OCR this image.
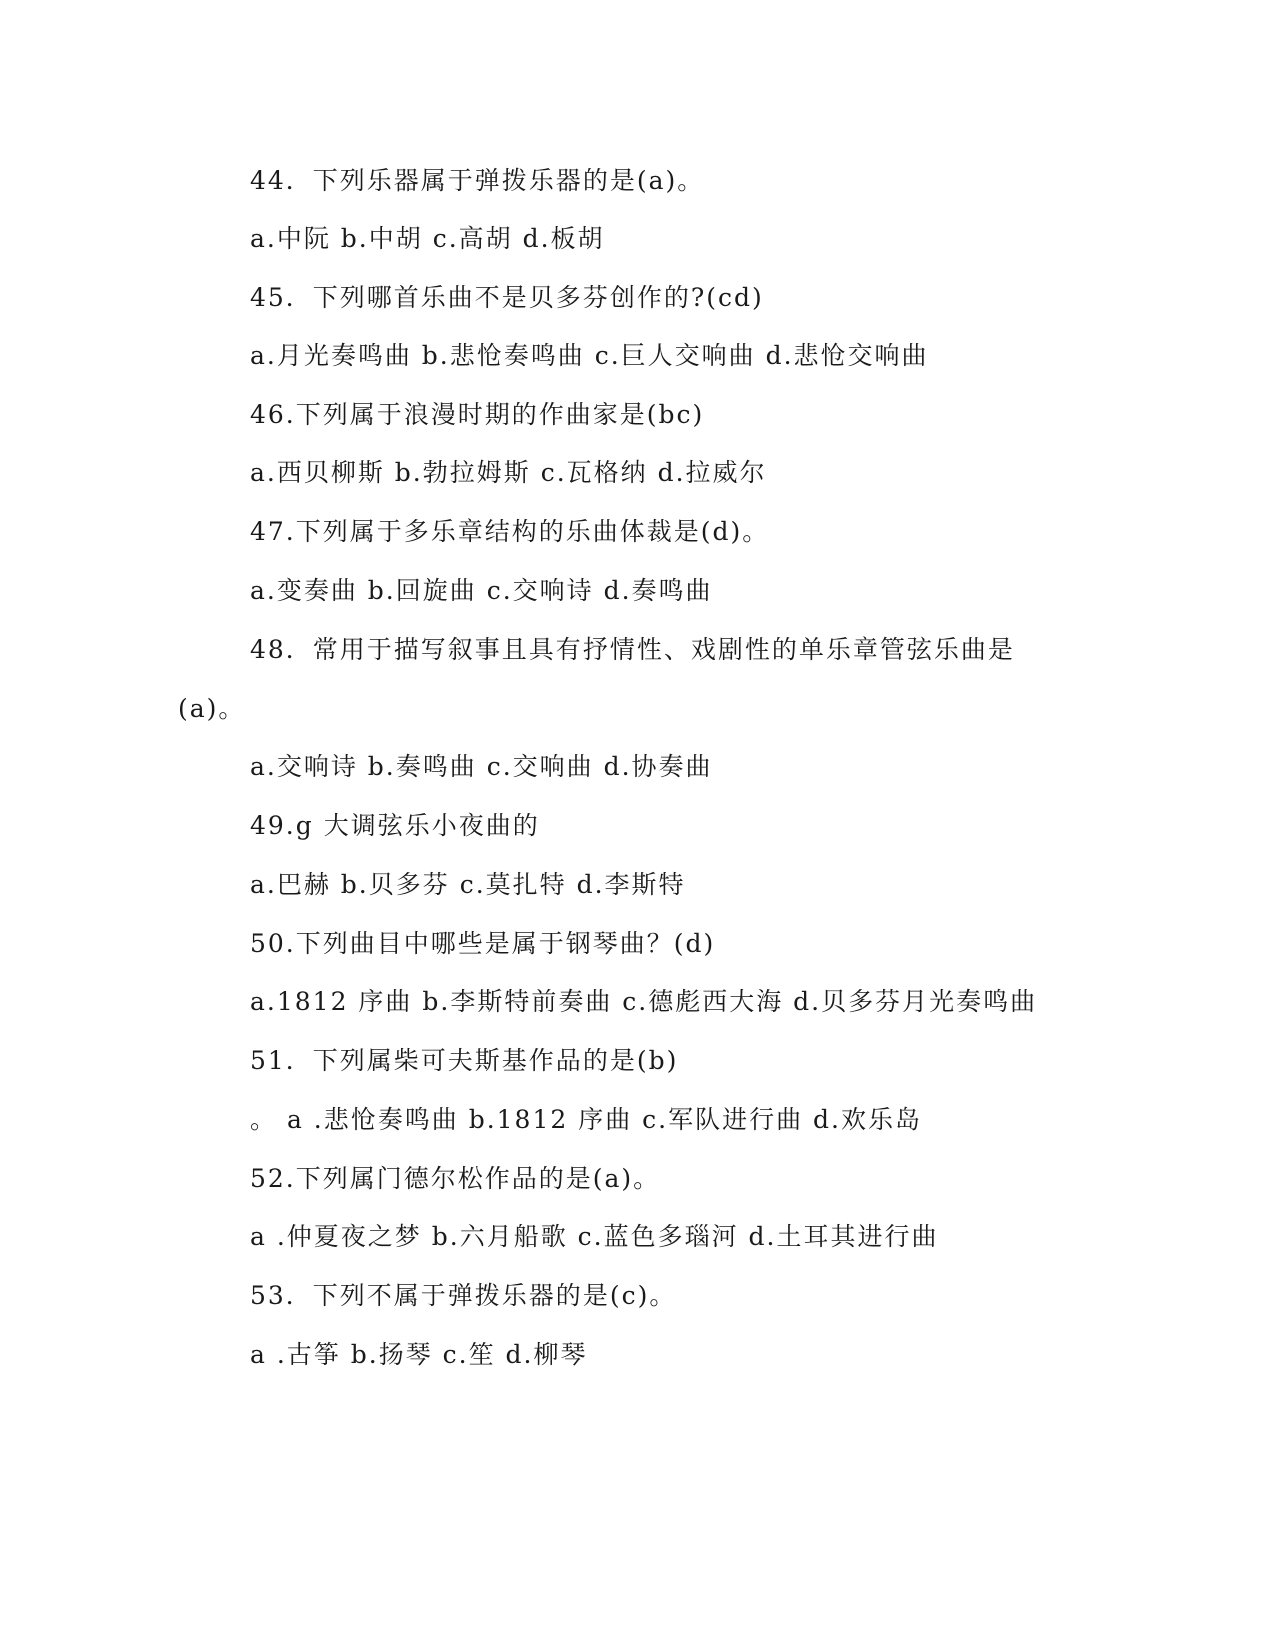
44．下列乐器属于弹拨乐器的是(a)。
a.中阮 b.中胡 c.高胡 d.板胡
45．下列哪首乐曲不是贝多芬创作的?(cd)
a.月光奏鸣曲 b.悲怆奏鸣曲 c.巨人交响曲 d.悲怆交响曲
46.下列属于浪漫时期的作曲家是(bc)
a.西贝柳斯 b.勃拉姆斯 c.瓦格纳 d.拉威尔
47.下列属于多乐章结构的乐曲体裁是(d)。
a.变奏曲 b.回旋曲 c.交响诗 d.奏鸣曲
48．常用于描写叙事且具有抒情性、戏剧性的单乐章管弦乐曲是
(a)。
a.交响诗 b.奏鸣曲 c.交响曲 d.协奏曲
49.g 大调弦乐小夜曲的
a.巴赫 b.贝多芬 c.莫扎特 d.李斯特
50.下列曲目中哪些是属于钢琴曲？(d)
a.1812 序曲 b.李斯特前奏曲 c.德彪西大海 d.贝多芬月光奏鸣曲
51．下列属柴可夫斯基作品的是(b)
。 a .悲怆奏鸣曲 b.1812 序曲 c.军队进行曲 d.欢乐岛
52.下列属门德尔松作品的是(a)。
a .仲夏夜之梦 b.六月船歌 c.蓝色多瑙河 d.土耳其进行曲
53．下列不属于弹拨乐器的是(c)。
a .古筝 b.扬琴 c.笙 d.柳琴
